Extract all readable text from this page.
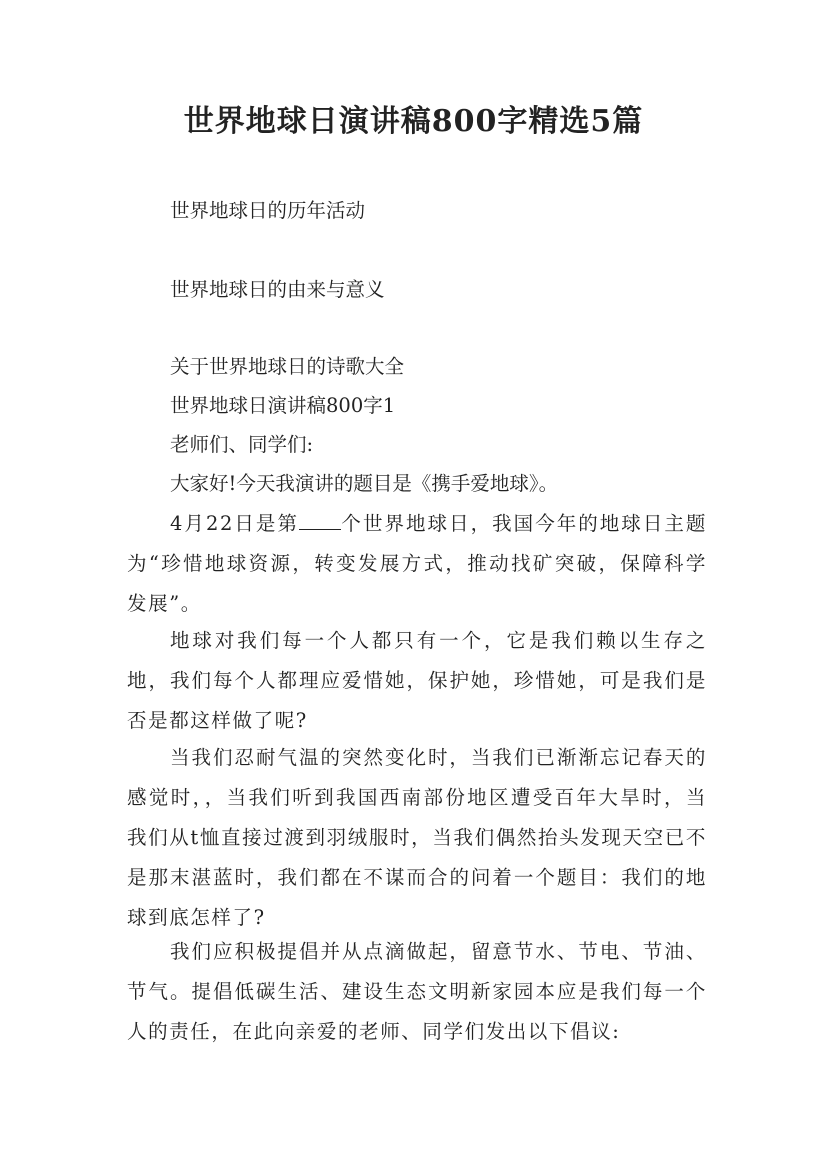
世界地球日演讲稿800字精选5篇

世界地球日的历年活动

世界地球日的由来与意义

关于世界地球日的诗歌大全

世界地球日演讲稿800字1

老师们、同学们:

大家好!今天我演讲的题目是《携手爱地球》。

4月22日是第 个世界地球日，我国今年的地球日主题为“珍惜地球资源，转变发展方式，推动找矿突破，保障科学发展”。

地球对我们每一个人都只有一个，它是我们赖以生存之地，我们每个人都理应爱惜她，保护她，珍惜她，可是我们是否是都这样做了呢?

当我们忍耐气温的突然变化时，当我们已渐渐忘记春天的感觉时，，当我们听到我国西南部份地区遭受百年大旱时，当我们从t恤直接过渡到羽绒服时，当我们偶然抬头发现天空已不是那末湛蓝时，我们都在不谋而合的问着一个题目：我们的地球到底怎样了?

我们应积极提倡并从点滴做起，留意节水、节电、节油、节气。提倡低碳生活、建设生态文明新家园本应是我们每一个人的责任，在此向亲爱的老师、同学们发出以下倡议:
